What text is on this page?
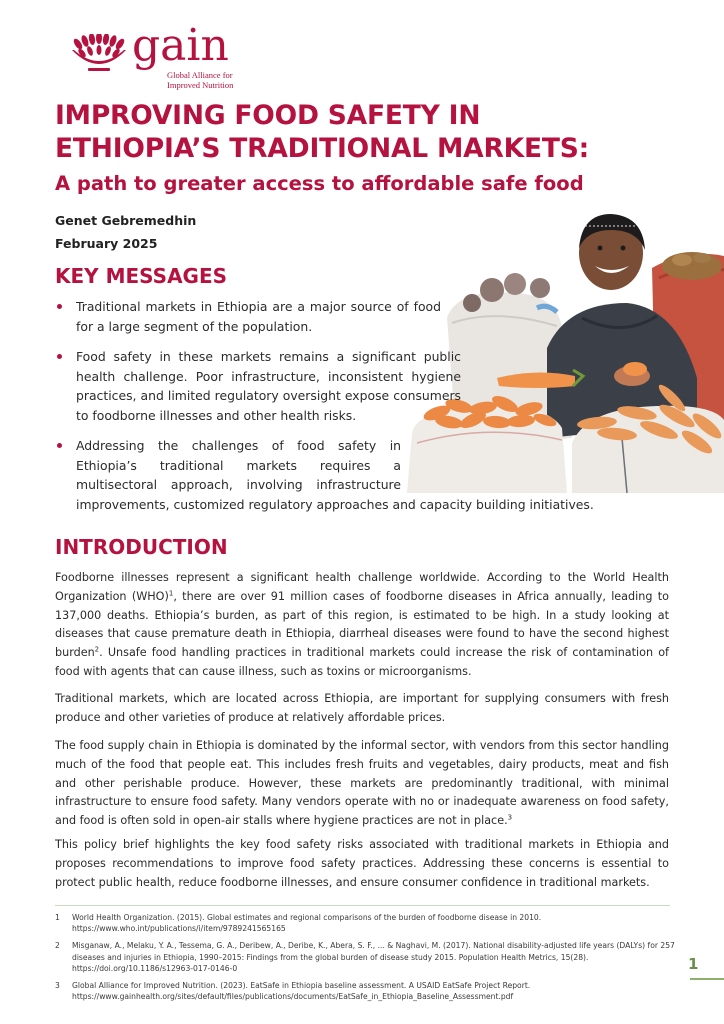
gain
Global Alliance for
Improved Nutrition
IMPROVING FOOD SAFETY IN
ETHIOPIA’S TRADITIONAL MARKETS:
A path to greater access to affordable safe food
Genet Gebremedhin
February 2025
KEY MESSAGES
Traditional markets in Ethiopia are a major source of food for a large segment of the population.
Food safety in these markets remains a significant public health challenge. Poor infrastructure, inconsistent hygiene practices, and limited regulatory oversight expose consumers to foodborne illnesses and other health risks.
Addressing the challenges of food safety in Ethiopia’s traditional markets requires a multisectoral approach, involving infrastructure
improvements, customized regulatory approaches and capacity building initiatives.
INTRODUCTION

Foodborne illnesses represent a significant health challenge worldwide. According to the World Health Organization (WHO)$^1$, there are over 91 million cases of foodborne diseases in Africa annually, leading to 137,000 deaths. Ethiopia’s burden, as part of this region, is estimated to be high. In a study looking at diseases that cause premature death in Ethiopia, diarrheal diseases were found to have the second highest burden$^2$. Unsafe food handling practices in traditional markets could increase the risk of contamination of food with agents that can cause illness, such as toxins or microorganisms.

Traditional markets, which are located across Ethiopia, are important for supplying consumers with fresh produce and other varieties of produce at relatively affordable prices.

The food supply chain in Ethiopia is dominated by the informal sector, with vendors from this sector handling much of the food that people eat. This includes fresh fruits and vegetables, dairy products, meat and fish and other perishable produce. However, these markets are predominantly traditional, with minimal infrastructure to ensure food safety. Many vendors operate with no or inadequate awareness on food safety, and food is often sold in open-air stalls where hygiene practices are not in place.$^3$

This policy brief highlights the key food safety risks associated with traditional markets in Ethiopia and proposes recommendations to improve food safety practices. Addressing these concerns is essential to protect public health, reduce foodborne illnesses, and ensure consumer confidence in traditional markets.

1 World Health Organization. (2015). Global estimates and regional comparisons of the burden of foodborne disease in 2010. https://www.who.int/publications/i/item/9789241565165
2 Misganaw, A., Melaku, Y. A., Tessema, G. A., Deribew, A., Deribe, K., Abera, S. F., ... & Naghavi, M. (2017). National disability-adjusted life years (DALYs) for 257 diseases and injuries in Ethiopia, 1990–2015: Findings from the global burden of disease study 2015. Population Health Metrics, 15(28). https://doi.org/10.1186/s12963-017-0146-0
3 Global Alliance for Improved Nutrition. (2023). EatSafe in Ethiopia baseline assessment. A USAID EatSafe Project Report. https://www.gainhealth.org/sites/default/files/publications/documents/EatSafe_in_Ethiopia_Baseline_Assessment.pdf
1
